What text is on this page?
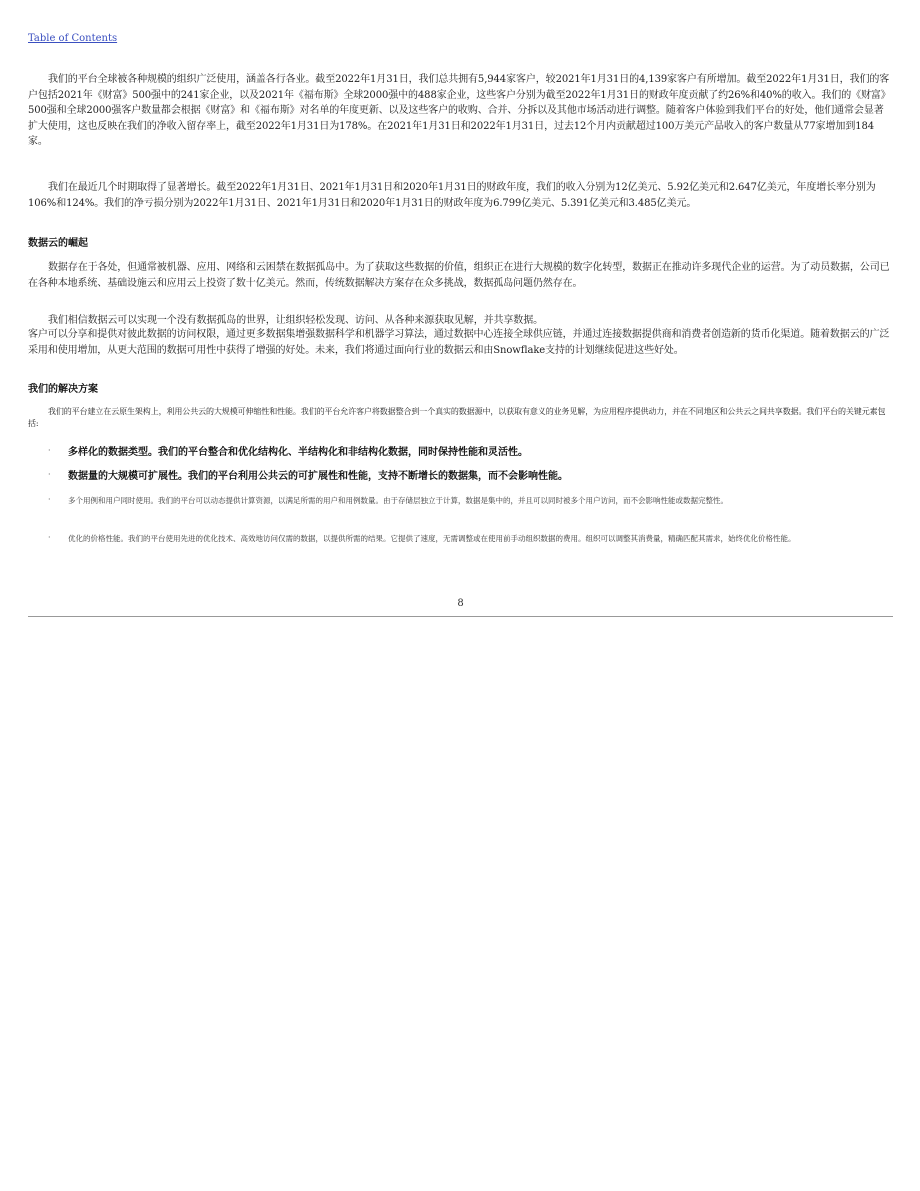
Table of Contents

我们的平台全球被各种规模的组织广泛使用，涵盖各行各业。截至2022年1月31日，我们总共拥有5,944家客户，较2021年1月31日的4,139家客户有所增加。截至2022年1月31日，我们的客户包括2021年《财富》500强中的241家企业，以及2021年《福布斯》全球2000强中的488家企业，这些客户分别为截至2022年1月31日的财政年度贡献了约26%和40%的收入。我们的《财富》500强和全球2000强客户数量都会根据《财富》和《福布斯》对名单的年度更新、以及这些客户的收购、合并、分拆以及其他市场活动进行调整。随着客户体验到我们平台的好处，他们通常会显著扩大使用，这也反映在我们的净收入留存率上，截至2022年1月31日为178%。在2021年1月31日和2022年1月31日，过去12个月内贡献超过100万美元产品收入的客户数量从77家增加到184家。

我们在最近几个时期取得了显著增长。截至2022年1月31日、2021年1月31日和2020年1月31日的财政年度，我们的收入分别为12亿美元、5.92亿美元和2.647亿美元，年度增长率分别为106%和124%。我们的净亏损分别为2022年1月31日、2021年1月31日和2020年1月31日的财政年度为6.799亿美元、5.391亿美元和3.485亿美元。

数据云的崛起

数据存在于各处，但通常被机器、应用、网络和云困禁在数据孤岛中。为了获取这些数据的价值，组织正在进行大规模的数字化转型，数据正在推动许多现代企业的运营。为了动员数据，公司已在各种本地系统、基础设施云和应用云上投资了数十亿美元。然而，传统数据解决方案存在众多挑战，数据孤岛问题仍然存在。

我们相信数据云可以实现一个没有数据孤岛的世界，让组织轻松发现、访问、从各种来源获取见解，并共享数据。

客户可以分享和提供对彼此数据的访问权限，通过更多数据集增强数据科学和机器学习算法，通过数据中心连接全球供应链，并通过连接数据提供商和消费者创造新的货币化渠道。随着数据云的广泛采用和使用增加，从更大范围的数据可用性中获得了增强的好处。未来，我们将通过面向行业的数据云和由Snowflake支持的计划继续促进这些好处。

我们的解决方案

我们的平台建立在云原生架构上，利用公共云的大规模可伸缩性和性能。我们的平台允许客户将数据整合到一个真实的数据源中，以获取有意义的业务见解，为应用程序提供动力，并在不同地区和公共云之间共享数据。我们平台的关键元素包括:

· 多样化的数据类型。我们的平台整合和优化结构化、半结构化和非结构化数据，同时保持性能和灵活性。
· 数据量的大规模可扩展性。我们的平台利用公共云的可扩展性和性能，支持不断增长的数据集，而不会影响性能。
· 多个用例和用户同时使用。我们的平台可以动态提供计算资源，以满足所需的用户和用例数量。由于存储层独立于计算，数据是集中的，并且可以同时被多个用户访问，而不会影响性能或数据完整性。
· 优化的价格性能。我们的平台使用先进的优化技术、高效地访问仅需的数据，以提供所需的结果。它提供了速度，无需调整或在使用前手动组织数据的费用。组织可以调整其消费量，精确匹配其需求，始终优化价格性能。
8
